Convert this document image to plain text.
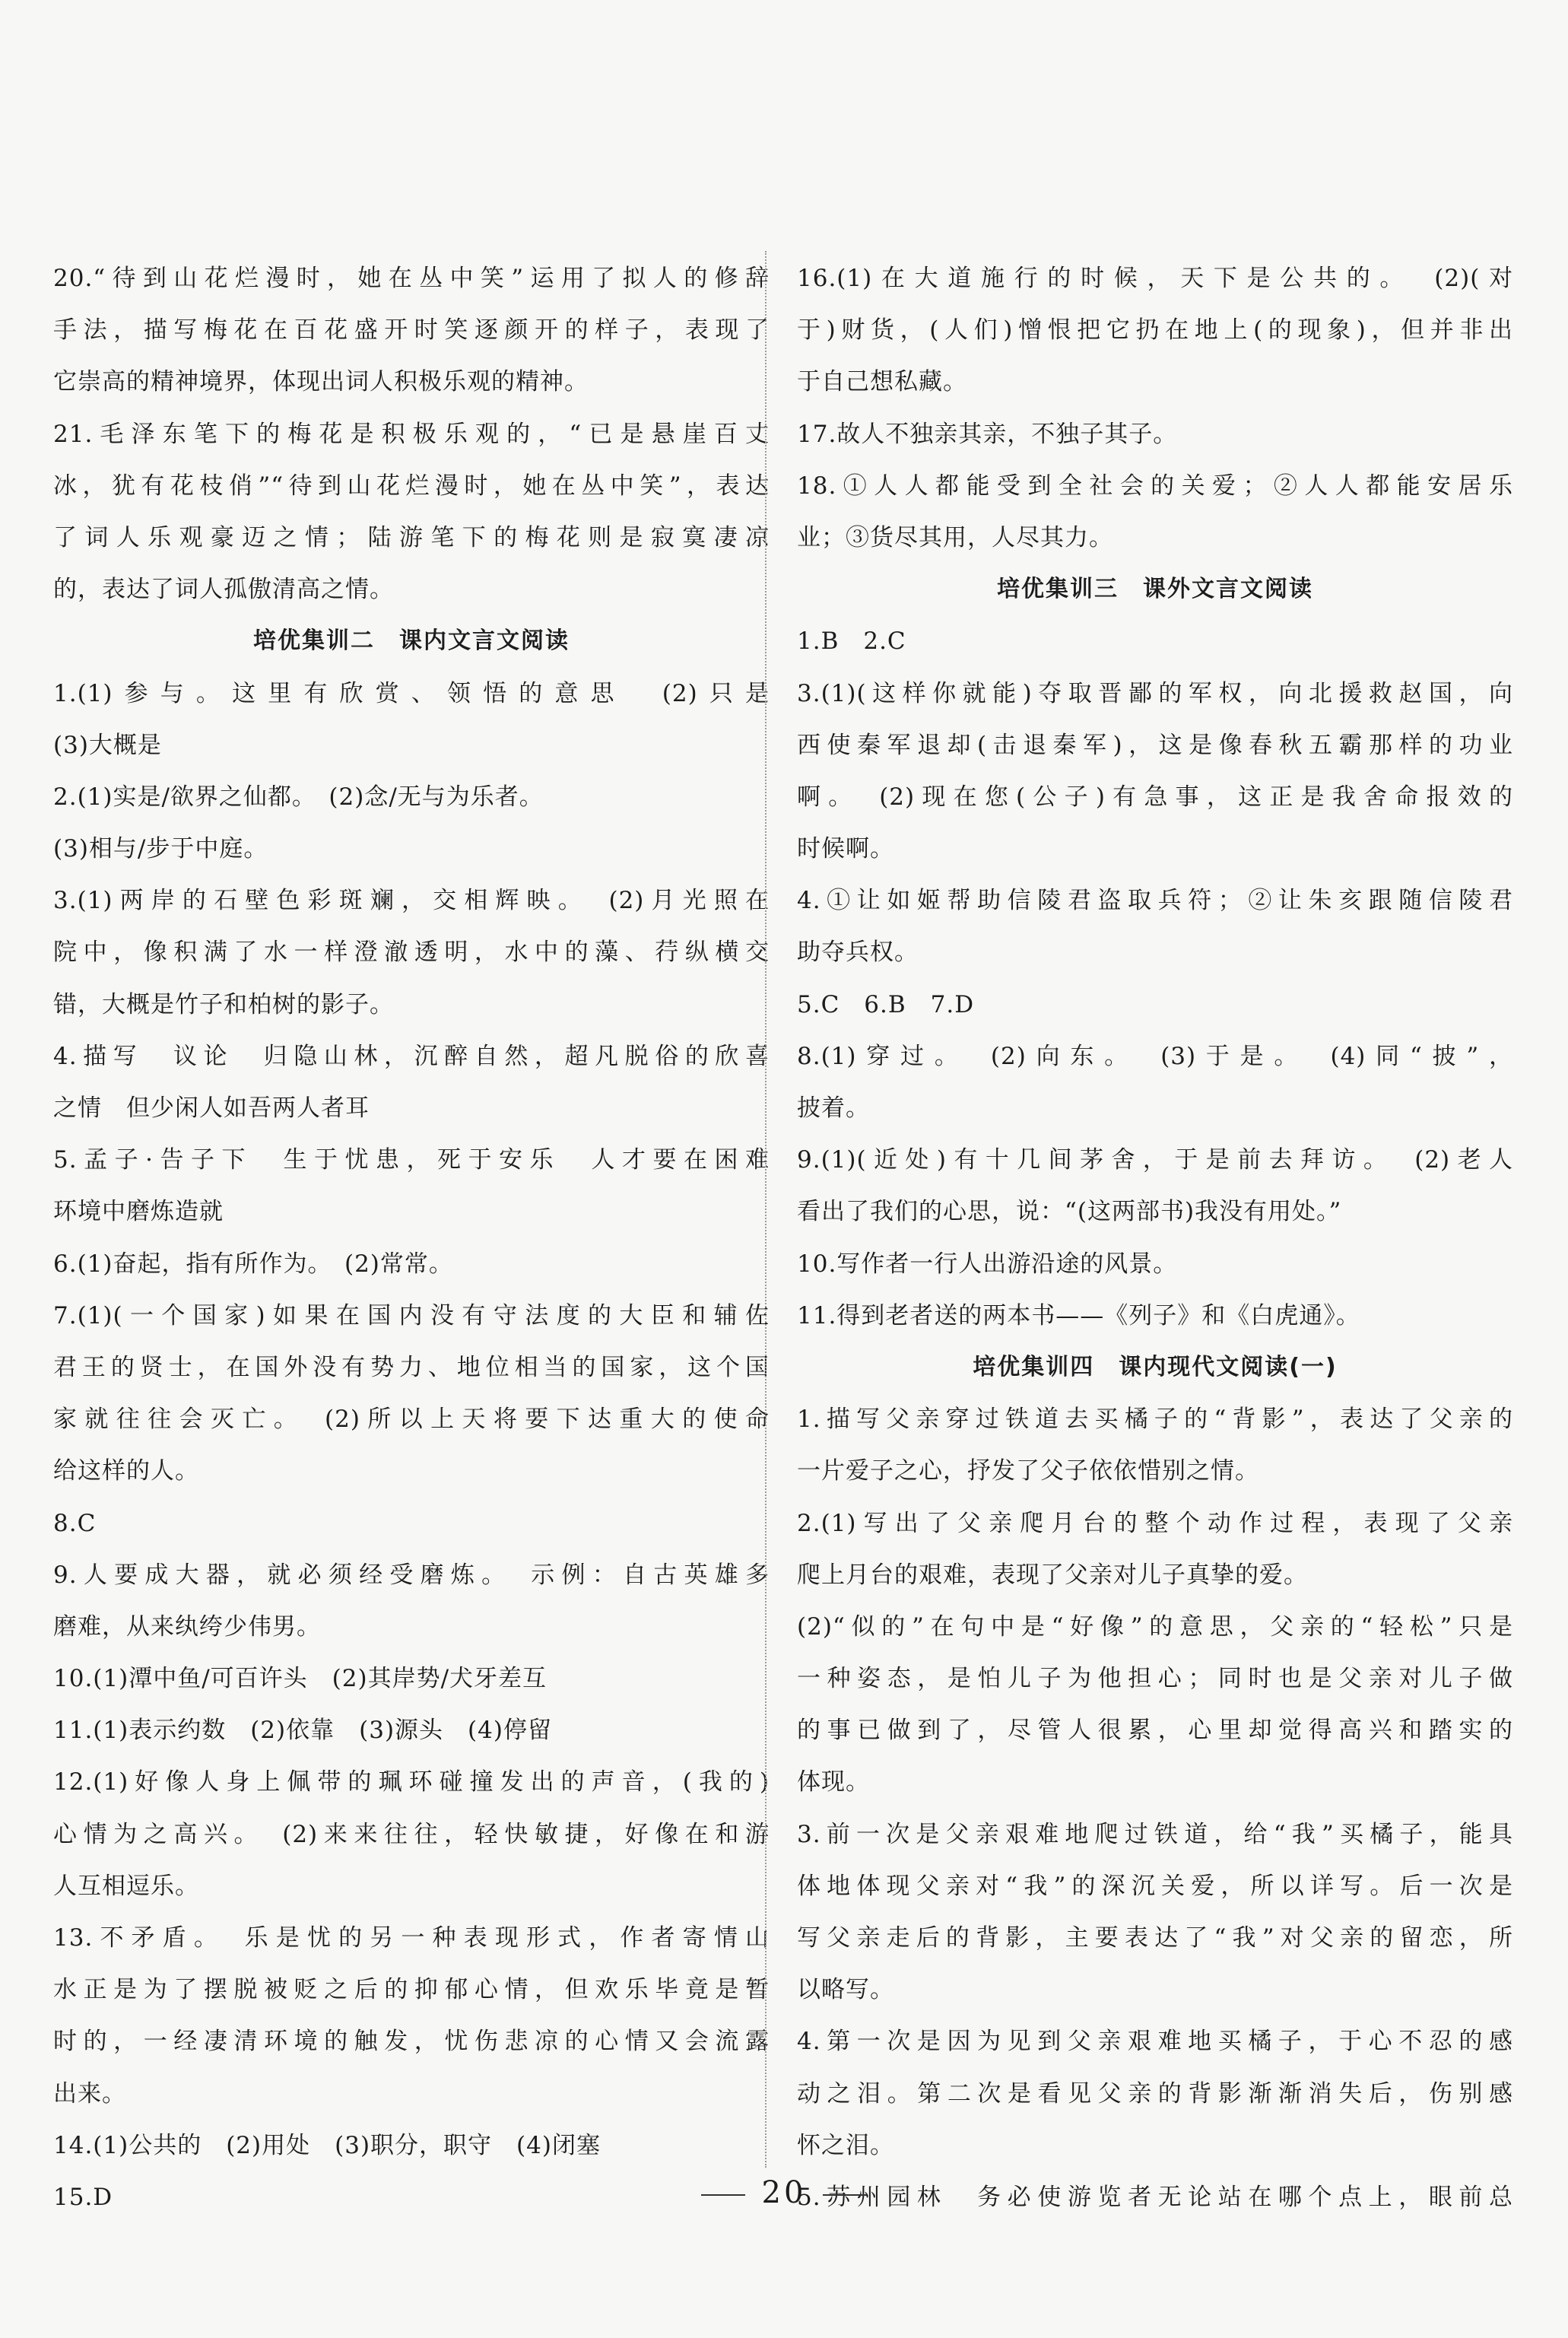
20.“待到山花烂漫时，她在丛中笑”运用了拟人的修辞
手法，描写梅花在百花盛开时笑逐颜开的样子，表现了
它崇高的精神境界，体现出词人积极乐观的精神。
21.毛泽东笔下的梅花是积极乐观的，“已是悬崖百丈
冰，犹有花枝俏”“待到山花烂漫时，她在丛中笑”，表达
了词人乐观豪迈之情；陆游笔下的梅花则是寂寞凄凉
的，表达了词人孤傲清高之情。
培优集训二　课内文言文阅读
1.(1)参与。这里有欣赏、领悟的意思　(2)只是
(3)大概是
2.(1)实是/欲界之仙都。　(2)念/无与为乐者。
(3)相与/步于中庭。
3.(1)两岸的石壁色彩斑斓，交相辉映。　(2)月光照在
院中，像积满了水一样澄澈透明，水中的藻、荇纵横交
错，大概是竹子和柏树的影子。
4.描写　议论　归隐山林，沉醉自然，超凡脱俗的欣喜
之情　但少闲人如吾两人者耳
5.孟子·告子下　生于忧患，死于安乐　人才要在困难
环境中磨炼造就
6.(1)奋起，指有所作为。　(2)常常。
7.(1)(一个国家)如果在国内没有守法度的大臣和辅佐
君王的贤士，在国外没有势力、地位相当的国家，这个国
家就往往会灭亡。　(2)所以上天将要下达重大的使命
给这样的人。
8.C
9.人要成大器，就必须经受磨炼。　示例：自古英雄多
磨难，从来纨绔少伟男。
10.(1)潭中鱼/可百许头　(2)其岸势/犬牙差互
11.(1)表示约数　(2)依靠　(3)源头　(4)停留
12.(1)好像人身上佩带的珮环碰撞发出的声音，(我的)
心情为之高兴。　(2)来来往往，轻快敏捷，好像在和游
人互相逗乐。
13.不矛盾。　乐是忧的另一种表现形式，作者寄情山
水正是为了摆脱被贬之后的抑郁心情，但欢乐毕竟是暂
时的，一经凄清环境的触发，忧伤悲凉的心情又会流露
出来。
14.(1)公共的　(2)用处　(3)职分，职守　(4)闭塞
15.D
16.(1)在大道施行的时候，天下是公共的。　(2)(对
于)财货，(人们)憎恨把它扔在地上(的现象)，但并非出
于自己想私藏。
17.故人不独亲其亲，不独子其子。
18.①人人都能受到全社会的关爱；②人人都能安居乐
业；③货尽其用，人尽其力。
培优集训三　课外文言文阅读
1.B　2.C
3.(1)(这样你就能)夺取晋鄙的军权，向北援救赵国，向
西使秦军退却(击退秦军)，这是像春秋五霸那样的功业
啊。　(2)现在您(公子)有急事，这正是我舍命报效的
时候啊。
4.①让如姬帮助信陵君盗取兵符；②让朱亥跟随信陵君
助夺兵权。
5.C　6.B　7.D
8.(1)穿过。　(2)向东。　(3)于是。　(4)同“披”，
披着。
9.(1)(近处)有十几间茅舍，于是前去拜访。　(2)老人
看出了我们的心思，说：“(这两部书)我没有用处。”
10.写作者一行人出游沿途的风景。
11.得到老者送的两本书——《列子》和《白虎通》。
培优集训四　课内现代文阅读(一)
1.描写父亲穿过铁道去买橘子的“背影”，表达了父亲的
一片爱子之心，抒发了父子依依惜别之情。
2.(1)写出了父亲爬月台的整个动作过程，表现了父亲
爬上月台的艰难，表现了父亲对儿子真挚的爱。
(2)“似的”在句中是“好像”的意思，父亲的“轻松”只是
一种姿态，是怕儿子为他担心；同时也是父亲对儿子做
的事已做到了，尽管人很累，心里却觉得高兴和踏实的
体现。
3.前一次是父亲艰难地爬过铁道，给“我”买橘子，能具
体地体现父亲对“我”的深沉关爱，所以详写。后一次是
写父亲走后的背影，主要表达了“我”对父亲的留恋，所
以略写。
4.第一次是因为见到父亲艰难地买橘子，于心不忍的感
动之泪。第二次是看见父亲的背影渐渐消失后，伤别感
怀之泪。
5.苏州园林　务必使游览者无论站在哪个点上，眼前总
20
